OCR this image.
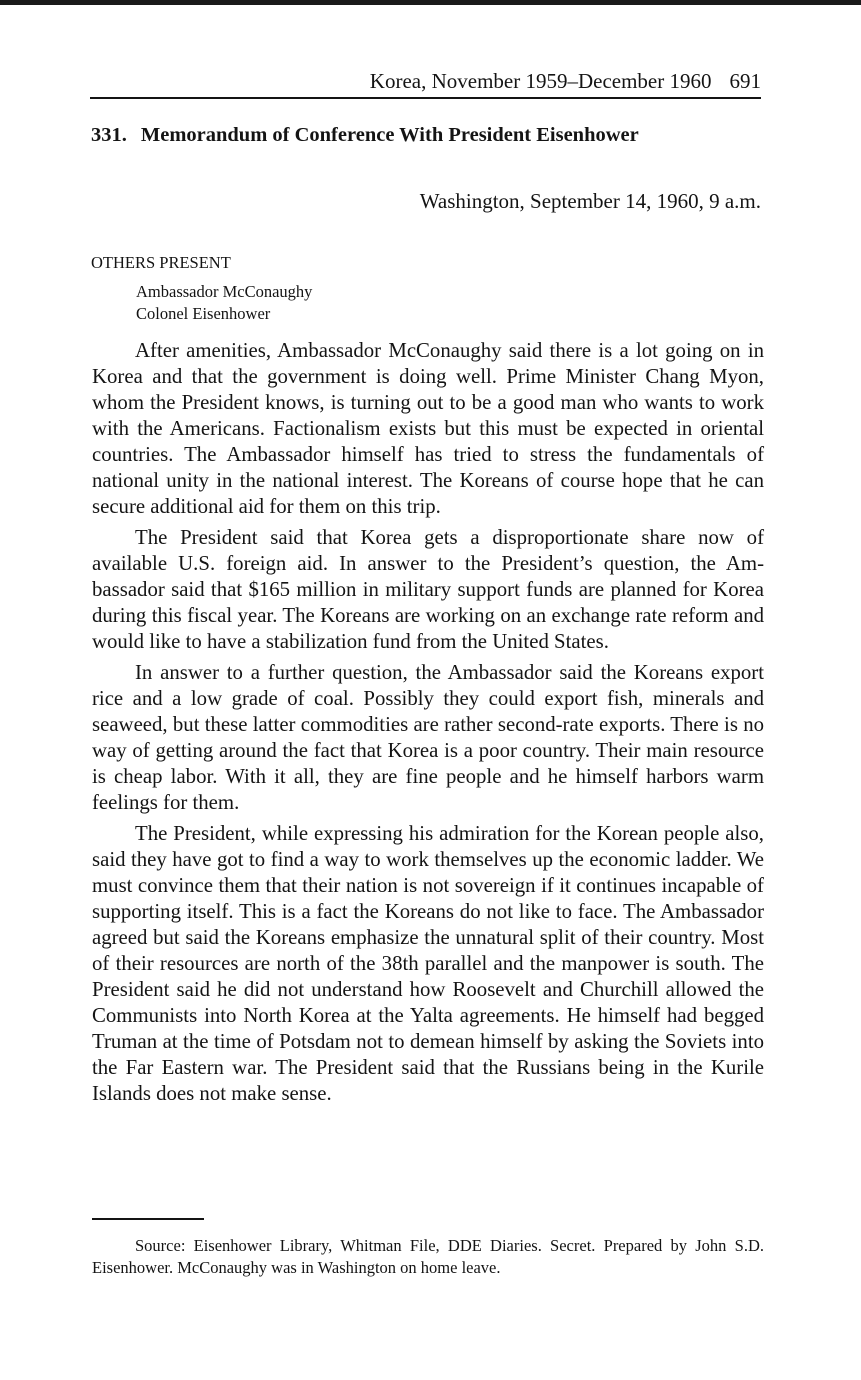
Korea, November 1959–December 1960 691
331. Memorandum of Conference With President Eisenhower
Washington, September 14, 1960, 9 a.m.
OTHERS PRESENT
Ambassador McConaughy
Colonel Eisenhower

After amenities, Ambassador McConaughy said there is a lot going on in Korea and that the government is doing well. Prime Minister Chang Myon, whom the President knows, is turning out to be a good man who wants to work with the Americans. Factionalism exists but this must be expected in oriental countries. The Ambassador himself has tried to stress the fundamentals of national unity in the national interest. The Koreans of course hope that he can secure additional aid for them on this trip.

The President said that Korea gets a disproportionate share now of available U.S. foreign aid. In answer to the President’s question, the Ambassador said that $165 million in military support funds are planned for Korea during this fiscal year. The Koreans are working on an exchange rate reform and would like to have a stabilization fund from the United States.

In answer to a further question, the Ambassador said the Koreans export rice and a low grade of coal. Possibly they could export fish, minerals and seaweed, but these latter commodities are rather second-rate exports. There is no way of getting around the fact that Korea is a poor country. Their main resource is cheap labor. With it all, they are fine people and he himself harbors warm feelings for them.

The President, while expressing his admiration for the Korean people also, said they have got to find a way to work themselves up the economic ladder. We must convince them that their nation is not sovereign if it continues incapable of supporting itself. This is a fact the Koreans do not like to face. The Ambassador agreed but said the Koreans emphasize the unnatural split of their country. Most of their resources are north of the 38th parallel and the manpower is south. The President said he did not understand how Roosevelt and Churchill allowed the Communists into North Korea at the Yalta agreements. He himself had begged Truman at the time of Potsdam not to demean himself by asking the Soviets into the Far Eastern war. The President said that the Russians being in the Kurile Islands does not make sense.

Source: Eisenhower Library, Whitman File, DDE Diaries. Secret. Prepared by John S.D. Eisenhower. McConaughy was in Washington on home leave.
